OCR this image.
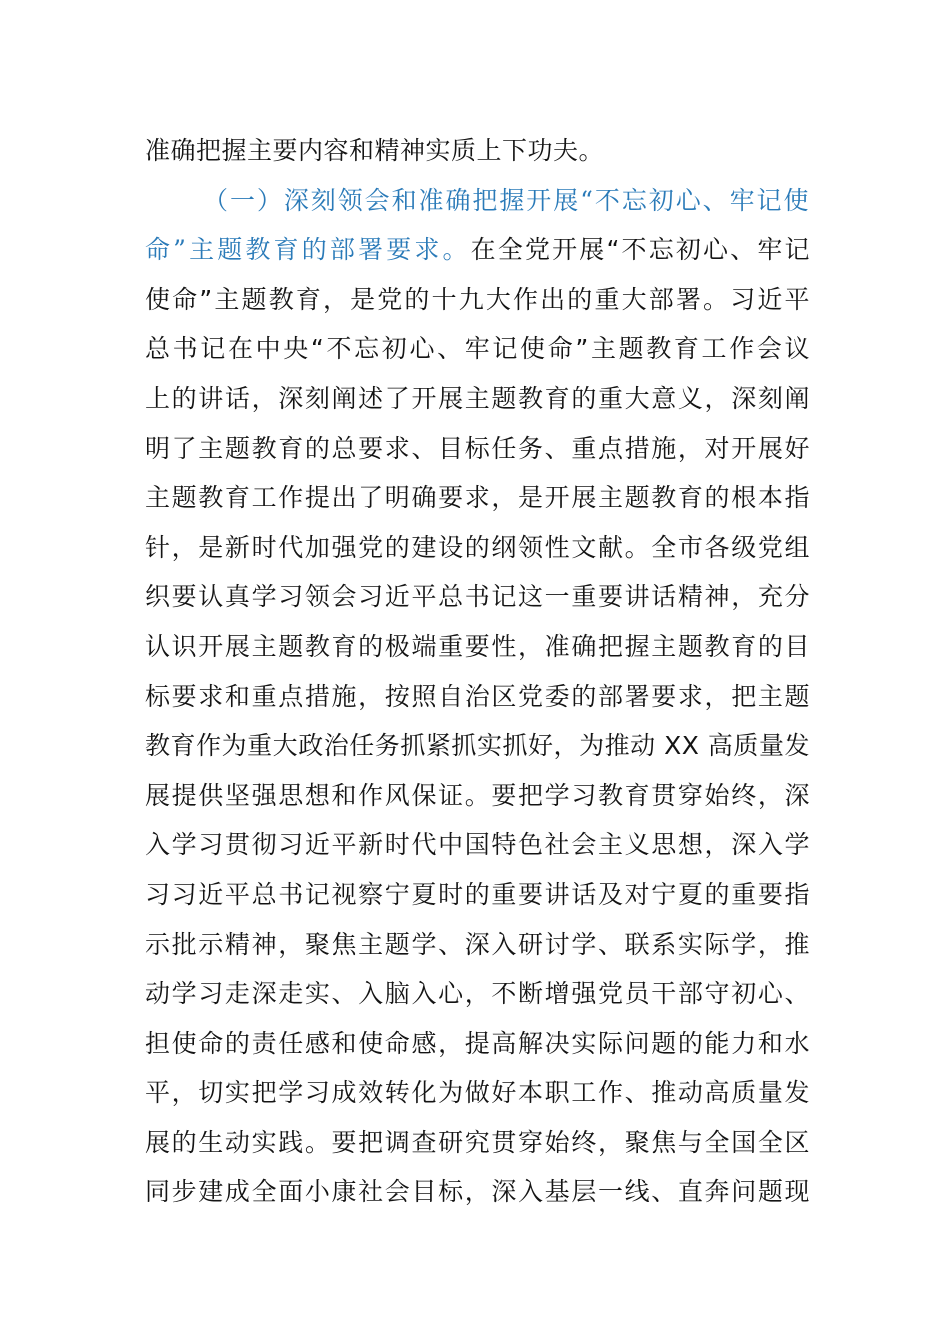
准确把握主要内容和精神实质上下功夫。
（一）深刻领会和准确把握开展“不忘初心、牢记使
命”主题教育的部署要求。在全党开展“不忘初心、牢记
使命”主题教育，是党的十九大作出的重大部署。习近平
总书记在中央“不忘初心、牢记使命”主题教育工作会议
上的讲话，深刻阐述了开展主题教育的重大意义，深刻阐
明了主题教育的总要求、目标任务、重点措施，对开展好
主题教育工作提出了明确要求，是开展主题教育的根本指
针，是新时代加强党的建设的纲领性文献。全市各级党组
织要认真学习领会习近平总书记这一重要讲话精神，充分
认识开展主题教育的极端重要性，准确把握主题教育的目
标要求和重点措施，按照自治区党委的部署要求，把主题
教育作为重大政治任务抓紧抓实抓好，为推动 XX 高质量发
展提供坚强思想和作风保证。要把学习教育贯穿始终，深
入学习贯彻习近平新时代中国特色社会主义思想，深入学
习习近平总书记视察宁夏时的重要讲话及对宁夏的重要指
示批示精神，聚焦主题学、深入研讨学、联系实际学，推
动学习走深走实、入脑入心，不断增强党员干部守初心、
担使命的责任感和使命感，提高解决实际问题的能力和水
平，切实把学习成效转化为做好本职工作、推动高质量发
展的生动实践。要把调查研究贯穿始终，聚焦与全国全区
同步建成全面小康社会目标，深入基层一线、直奔问题现
